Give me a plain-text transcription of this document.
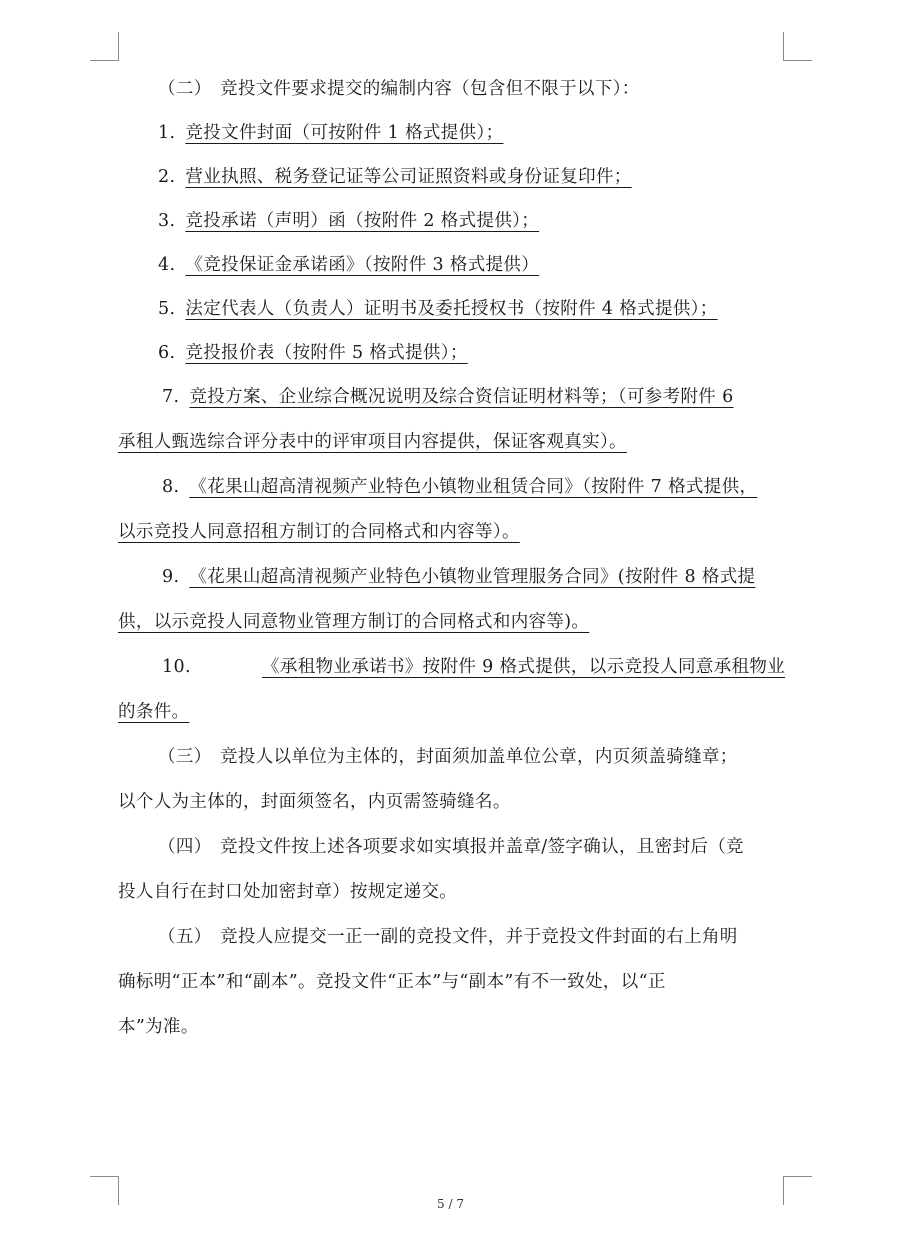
（二） 竞投文件要求提交的编制内容（包含但不限于以下）：
1. 竞投文件封面（可按附件 1 格式提供）；
2. 营业执照、税务登记证等公司证照资料或身份证复印件；
3. 竞投承诺（声明）函（按附件 2 格式提供）；
4. 《竞投保证金承诺函》（按附件 3 格式提供）
5. 法定代表人（负责人）证明书及委托授权书（按附件 4 格式提供）；
6. 竞投报价表（按附件 5 格式提供）；
7. 竞投方案、企业综合概况说明及综合资信证明材料等；（可参考附件 6
承租人甄选综合评分表中的评审项目内容提供，保证客观真实）。
8. 《花果山超高清视频产业特色小镇物业租赁合同》（按附件 7 格式提供，
以示竞投人同意招租方制订的合同格式和内容等）。
9. 《花果山超高清视频产业特色小镇物业管理服务合同》(按附件 8 格式提
供，以示竞投人同意物业管理方制订的合同格式和内容等)。
10.	《承租物业承诺书》按附件 9 格式提供，以示竞投人同意承租物业
的条件。
（三） 竞投人以单位为主体的，封面须加盖单位公章，内页须盖骑缝章；
以个人为主体的，封面须签名，内页需签骑缝名。
（四） 竞投文件按上述各项要求如实填报并盖章/签字确认，且密封后（竞
投人自行在封口处加密封章）按规定递交。
（五） 竞投人应提交一正一副的竞投文件，并于竞投文件封面的右上角明
确标明“正本”和“副本”。竞投文件“正本”与“副本”有不一致处，以“正
本”为准。
5 / 7
